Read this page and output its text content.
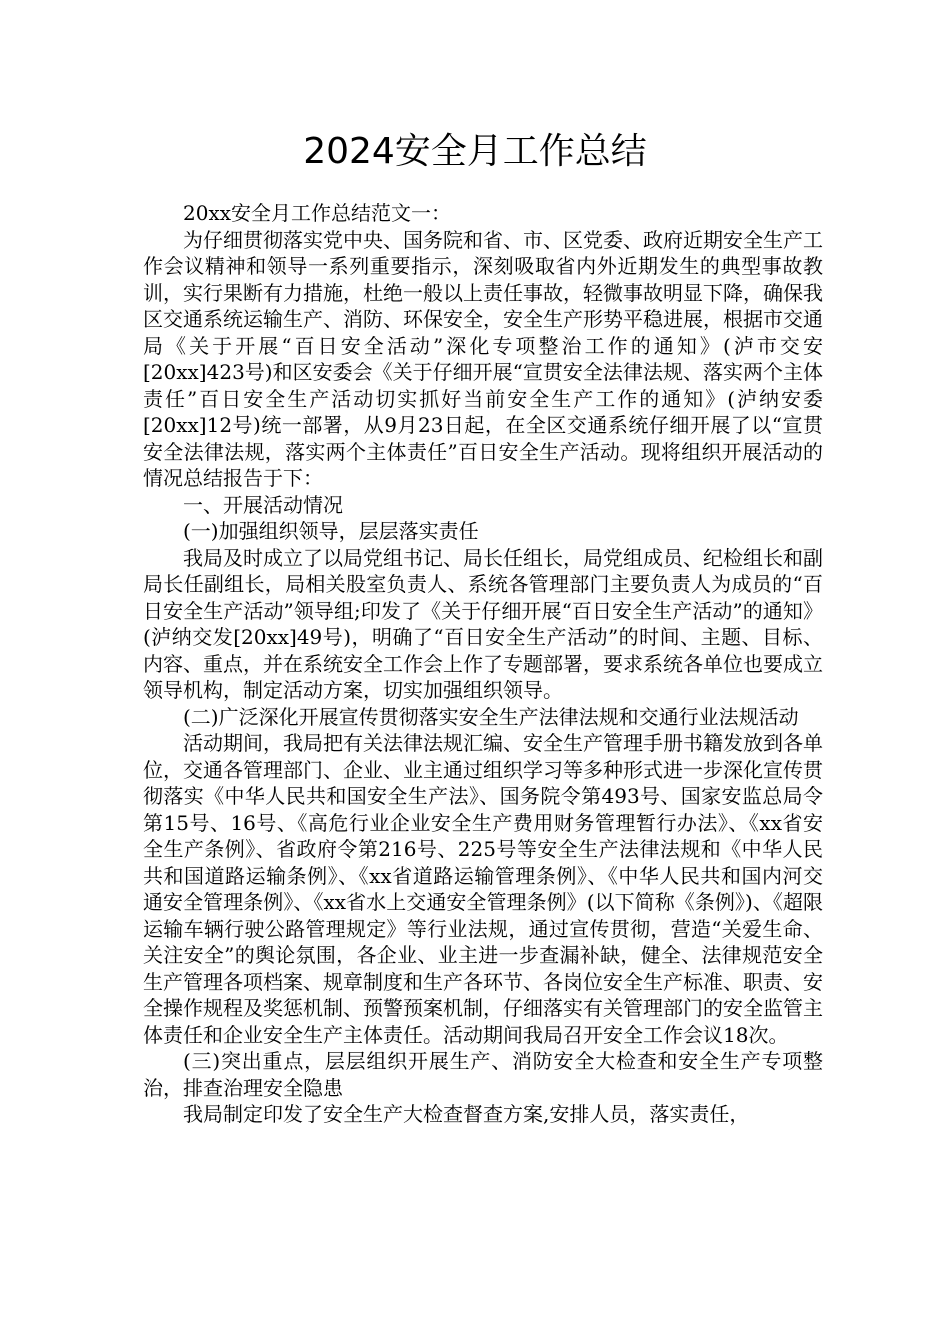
2024安全月工作总结

20xx安全月工作总结范文一：

为仔细贯彻落实党中央、国务院和省、市、区党委、政府近期安全生产工作会议精神和领导一系列重要指示，深刻吸取省内外近期发生的典型事故教训，实行果断有力措施，杜绝一般以上责任事故，轻微事故明显下降，确保我区交通系统运输生产、消防、环保安全，安全生产形势平稳进展，根据市交通局《关于开展“百日安全活动”深化专项整治工作的通知》(泸市交安[20xx]423号)和区安委会《关于仔细开展“宣贯安全法律法规、落实两个主体责任”百日安全生产活动切实抓好当前安全生产工作的通知》(泸纳安委[20xx]12号)统一部署，从9月23日起，在全区交通系统仔细开展了以“宣贯安全法律法规，落实两个主体责任”百日安全生产活动。现将组织开展活动的情况总结报告于下：

一、开展活动情况

(一)加强组织领导，层层落实责任

我局及时成立了以局党组书记、局长任组长，局党组成员、纪检组长和副局长任副组长，局相关股室负责人、系统各管理部门主要负责人为成员的“百日安全生产活动”领导组;印发了《关于仔细开展“百日安全生产活动”的通知》(泸纳交发[20xx]49号)，明确了“百日安全生产活动”的时间、主题、目标、内容、重点，并在系统安全工作会上作了专题部署，要求系统各单位也要成立领导机构，制定活动方案，切实加强组织领导。

(二)广泛深化开展宣传贯彻落实安全生产法律法规和交通行业法规活动

活动期间，我局把有关法律法规汇编、安全生产管理手册书籍发放到各单位，交通各管理部门、企业、业主通过组织学习等多种形式进一步深化宣传贯彻落实《中华人民共和国安全生产法》、国务院令第493号、国家安监总局令第15号、16号、《高危行业企业安全生产费用财务管理暂行办法》、《xx省安全生产条例》、省政府令第216号、225号等安全生产法律法规和《中华人民共和国道路运输条例》、《xx省道路运输管理条例》、《中华人民共和国内河交通安全管理条例》、《xx省水上交通安全管理条例》(以下简称《条例》)、《超限运输车辆行驶公路管理规定》等行业法规，通过宣传贯彻，营造“关爱生命、关注安全”的舆论氛围，各企业、业主进一步查漏补缺，健全、法律规范安全生产管理各项档案、规章制度和生产各环节、各岗位安全生产标准、职责、安全操作规程及奖惩机制、预警预案机制，仔细落实有关管理部门的安全监管主体责任和企业安全生产主体责任。活动期间我局召开安全工作会议18次。

(三)突出重点，层层组织开展生产、消防安全大检查和安全生产专项整治，排查治理安全隐患

我局制定印发了安全生产大检查督查方案,安排人员，落实责任，
